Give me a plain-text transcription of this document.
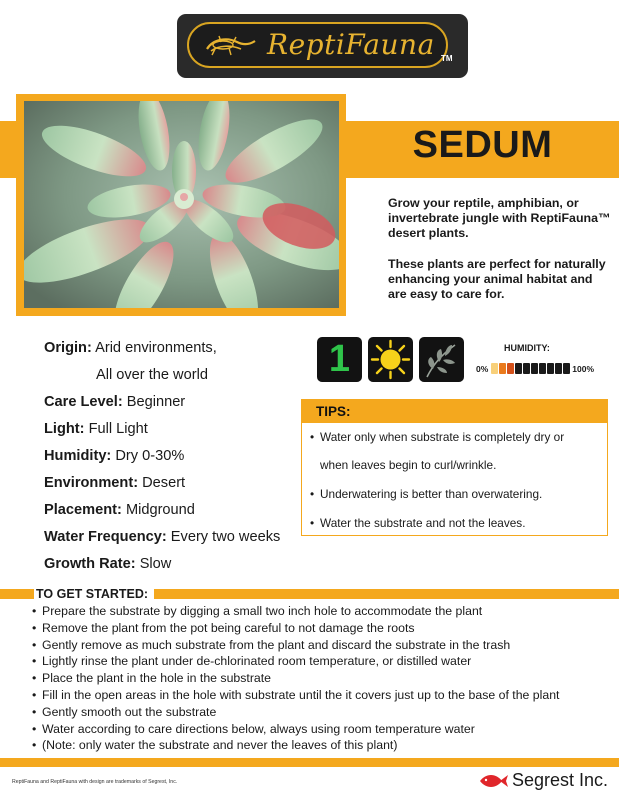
ReptiFauna TM
SEDUM

Grow your reptile, amphibian, or invertebrate jungle with ReptiFauna™ desert plants.

These plants are perfect for naturally enhancing your animal habitat and are easy to care for.

Origin: Arid environments,
All over the world
Care Level: Beginner
Light: Full Light
Humidity: Dry 0-30%
Environment: Desert
Placement: Midground
Water Frequency: Every two weeks
Growth Rate: Slow
1	HUMIDITY:
0%	100%
TIPS:
• Water only when substrate is completely dry or
when leaves begin to curl/wrinkle.
• Underwatering is better than overwatering.
• Water the substrate and not the leaves.
TO GET STARTED:
• Prepare the substrate by digging a small two inch hole to accommodate the plant
• Remove the plant from the pot being careful to not damage the roots
• Gently remove as much substrate from the plant and discard the substrate in the trash
• Lightly rinse the plant under de-chlorinated room temperature, or distilled water
• Place the plant in the hole in the substrate
• Fill in the open areas in the hole with substrate until the it covers just up to the base of the plant
• Gently smooth out the substrate
• Water according to care directions below, always using room temperature water
• (Note: only water the substrate and never the leaves of this plant)
ReptiFauna and ReptiFauna with design are trademarks of Segrest, Inc.	Segrest Inc.
